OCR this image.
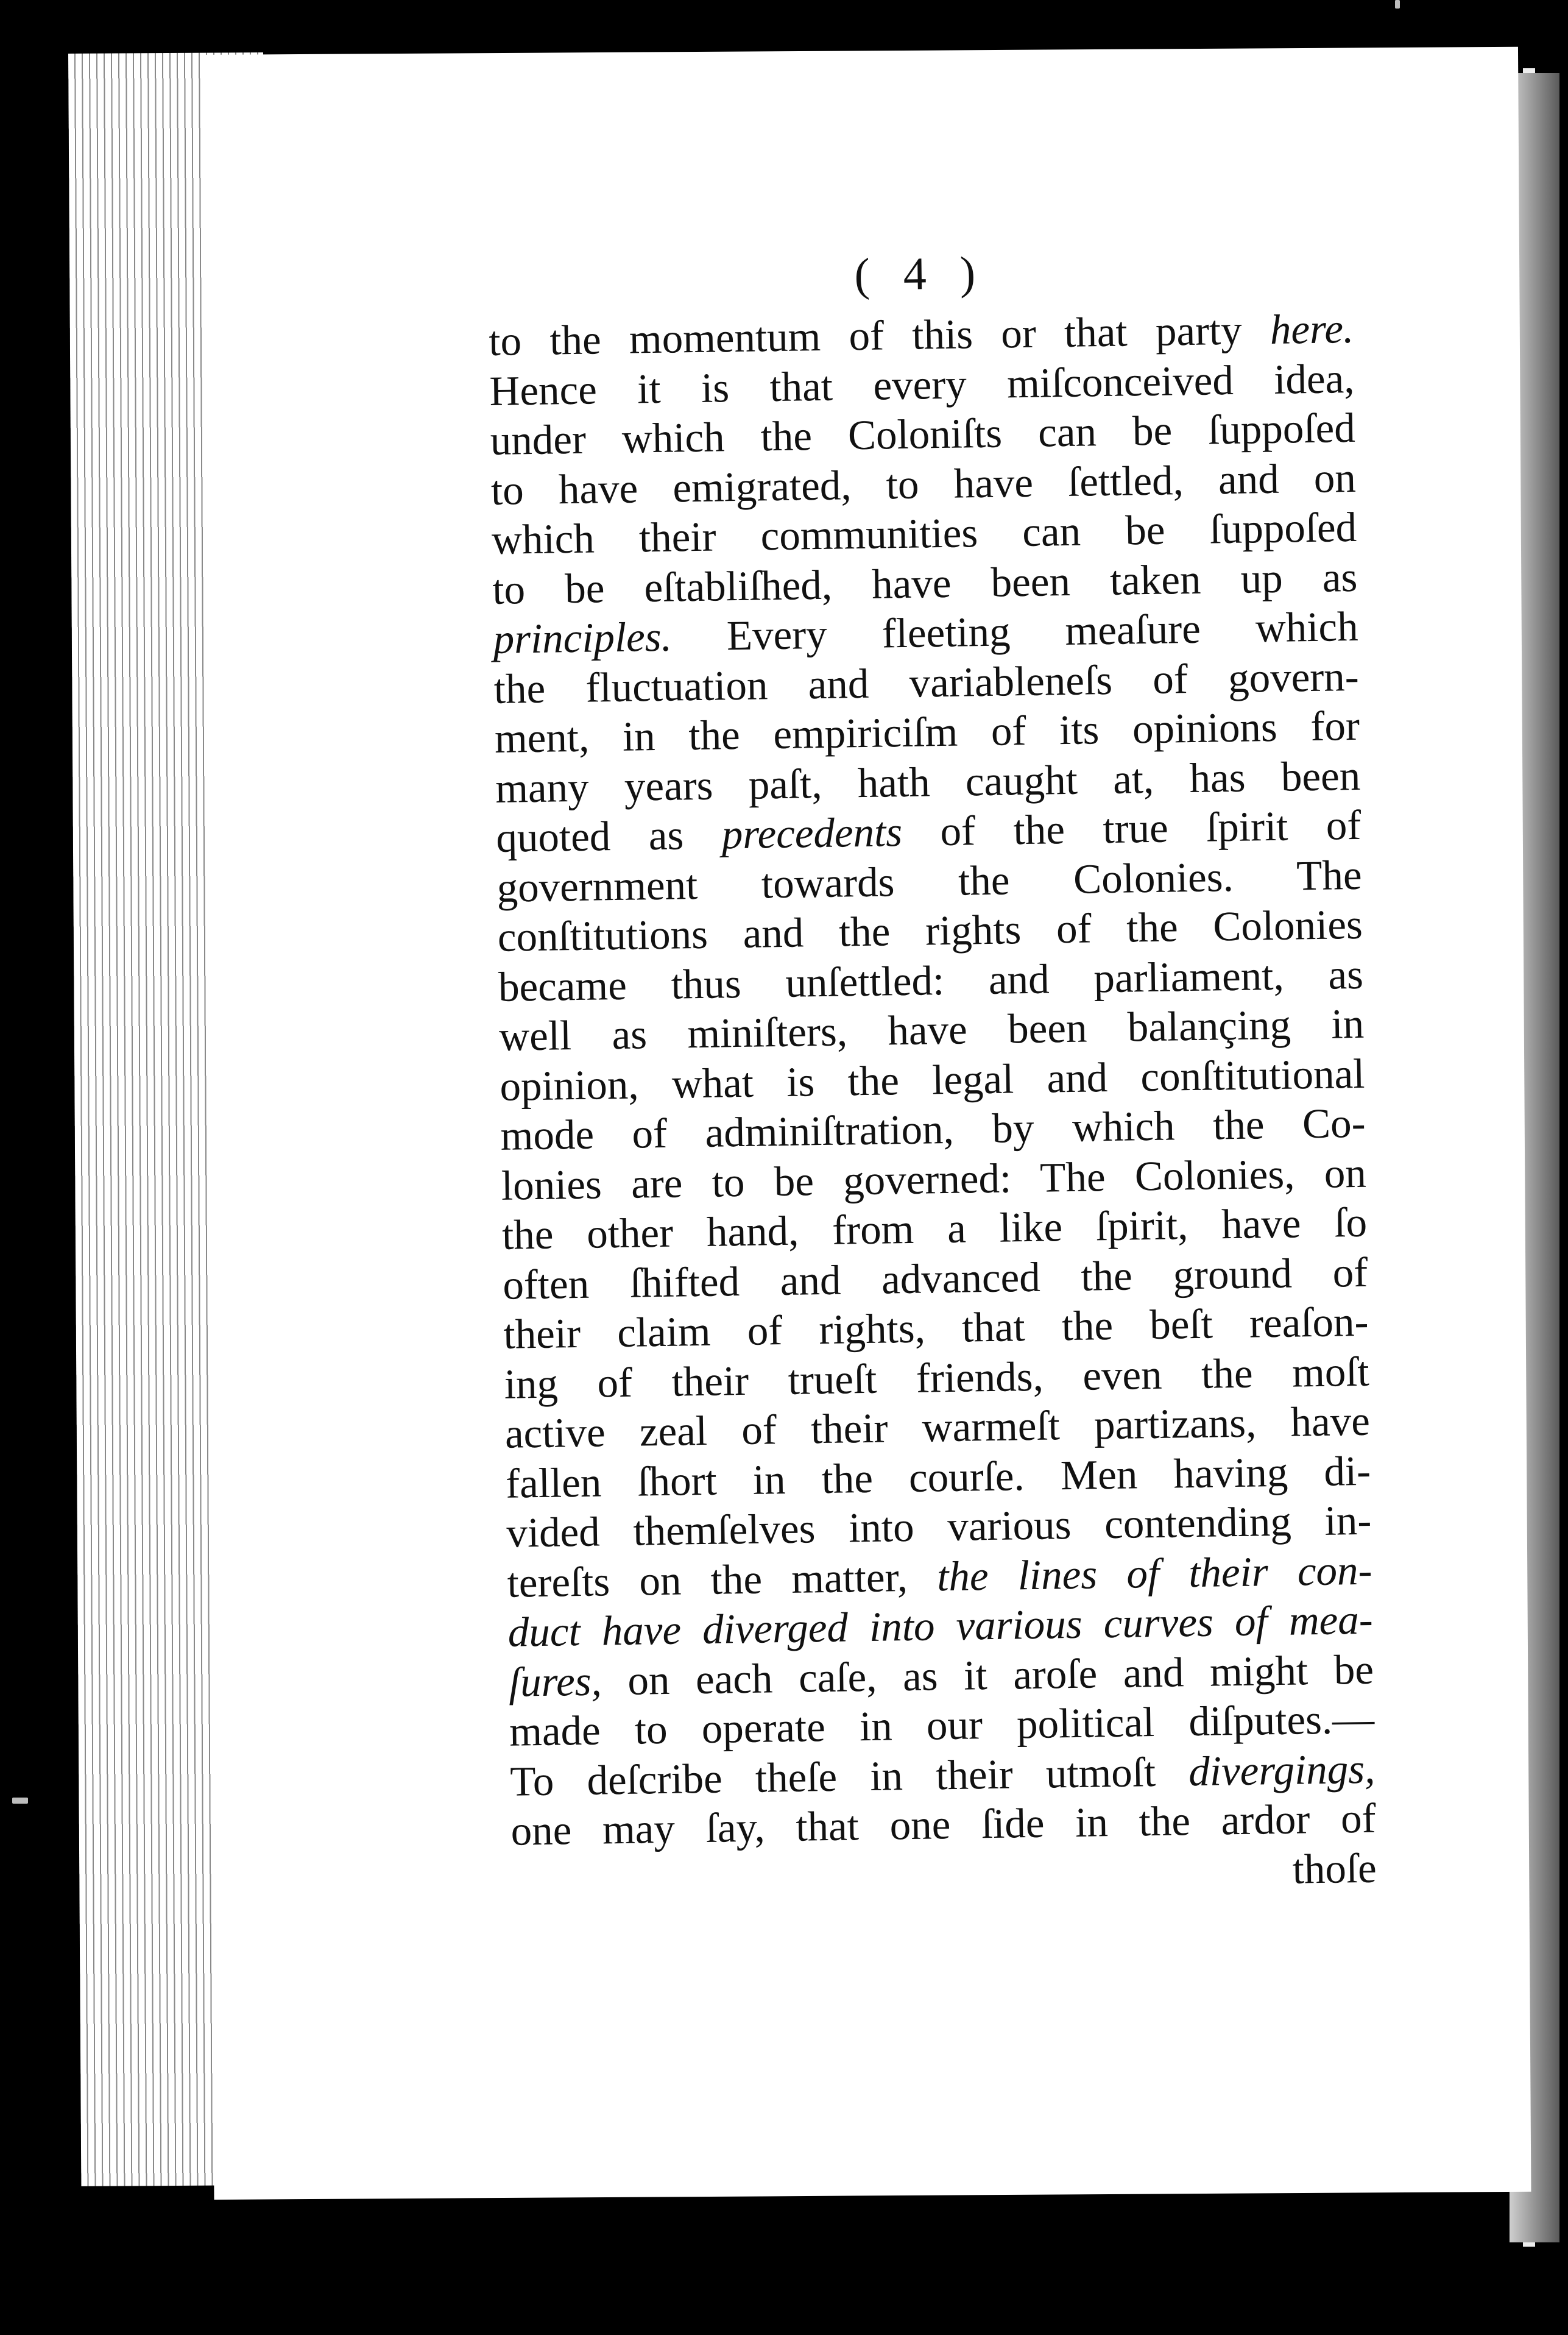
( 4 )
to the momentum of this or that party here.
Hence it is that every miſconceived idea,
under which the Coloniſts can be ſuppoſed
to have emigrated, to have ſettled, and on
which their communities can be ſuppoſed
to be eſtabliſhed, have been taken up as
principles. Every fleeting meaſure which
the fluctuation and variableneſs of govern-
ment, in the empiriciſm of its opinions for
many years paſt, hath caught at, has been
quoted as precedents of the true ſpirit of
government towards the Colonies. The
conſtitutions and the rights of the Colonies
became thus unſettled: and parliament, as
well as miniſters, have been balançing in
opinion, what is the legal and conſtitutional
mode of adminiſtration, by which the Co-
lonies are to be governed: The Colonies, on
the other hand, from a like ſpirit, have ſo
often ſhifted and advanced the ground of
their claim of rights, that the beſt reaſon-
ing of their trueſt friends, even the moſt
active zeal of their warmeſt partizans, have
fallen ſhort in the courſe. Men having di-
vided themſelves into various contending in-
tereſts on the matter, the lines of their con-
duct have diverged into various curves of mea-
ſures, on each caſe, as it aroſe and might be
made to operate in our political diſputes.—
To deſcribe theſe in their utmoſt divergings,
one may ſay, that one ſide in the ardor of
thoſe
